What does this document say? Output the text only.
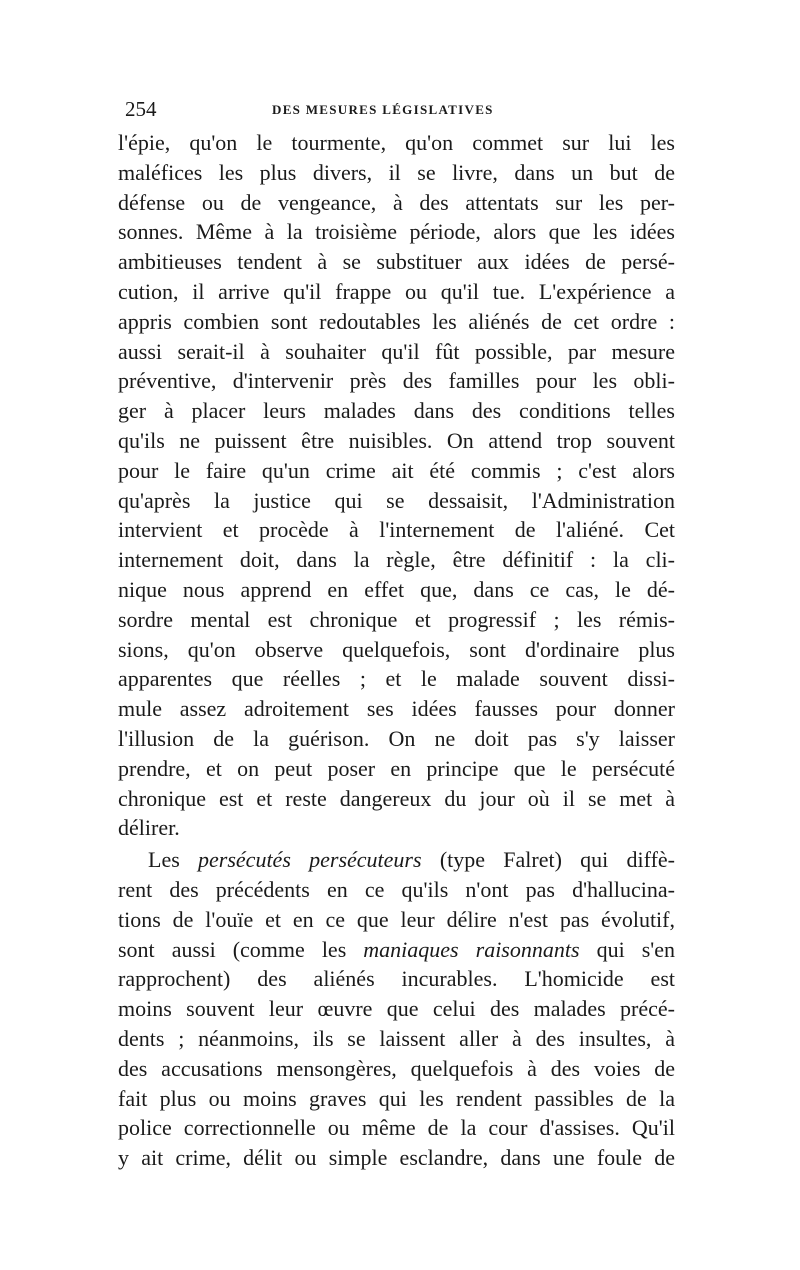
254	DES MESURES LÉGISLATIVES
l'épie, qu'on le tourmente, qu'on commet sur lui les
maléfices les plus divers, il se livre, dans un but de
défense ou de vengeance, à des attentats sur les per-
sonnes. Même à la troisième période, alors que les idées
ambitieuses tendent à se substituer aux idées de persé-
cution, il arrive qu'il frappe ou qu'il tue. L'expérience a
appris combien sont redoutables les aliénés de cet ordre :
aussi serait-il à souhaiter qu'il fût possible, par mesure
préventive, d'intervenir près des familles pour les obli-
ger à placer leurs malades dans des conditions telles
qu'ils ne puissent être nuisibles. On attend trop souvent
pour le faire qu'un crime ait été commis ; c'est alors
qu'après la justice qui se dessaisit, l'Administration
intervient et procède à l'internement de l'aliéné. Cet
internement doit, dans la règle, être définitif : la cli-
nique nous apprend en effet que, dans ce cas, le dé-
sordre mental est chronique et progressif ; les rémis-
sions, qu'on observe quelquefois, sont d'ordinaire plus
apparentes que réelles ; et le malade souvent dissi-
mule assez adroitement ses idées fausses pour donner
l'illusion de la guérison. On ne doit pas s'y laisser
prendre, et on peut poser en principe que le persécuté
chronique est et reste dangereux du jour où il se met à
délirer.
Les persécutés persécuteurs (type Falret) qui diffè-
rent des précédents en ce qu'ils n'ont pas d'hallucina-
tions de l'ouïe et en ce que leur délire n'est pas évolutif,
sont aussi (comme les maniaques raisonnants qui s'en
rapprochent) des aliénés incurables. L'homicide est
moins souvent leur œuvre que celui des malades précé-
dents ; néanmoins, ils se laissent aller à des insultes, à
des accusations mensongères, quelquefois à des voies de
fait plus ou moins graves qui les rendent passibles de la
police correctionnelle ou même de la cour d'assises. Qu'il
y ait crime, délit ou simple esclandre, dans une foule de
